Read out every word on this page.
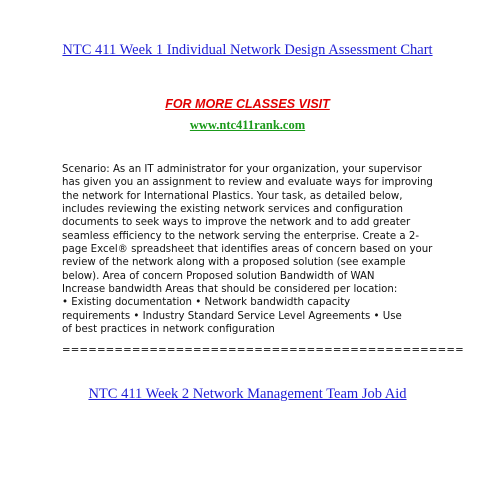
NTC 411 Week 1 Individual Network Design Assessment Chart
FOR MORE CLASSES VISIT
www.ntc411rank.com
Scenario: As an IT administrator for your organization, your supervisor
has given you an assignment to review and evaluate ways for improving
the network for International Plastics. Your task, as detailed below,
includes reviewing the existing network services and configuration
documents to seek ways to improve the network and to add greater
seamless efficiency to the network serving the enterprise. Create a 2-
page Excel® spreadsheet that identifies areas of concern based on your
review of the network along with a proposed solution (see example
below). Area of concern Proposed solution Bandwidth of WAN
Increase bandwidth Areas that should be considered per location:
• Existing documentation • Network bandwidth capacity
requirements • Industry Standard Service Level Agreements • Use
of best practices in network configuration
==============================================
NTC 411 Week 2 Network Management Team Job Aid
